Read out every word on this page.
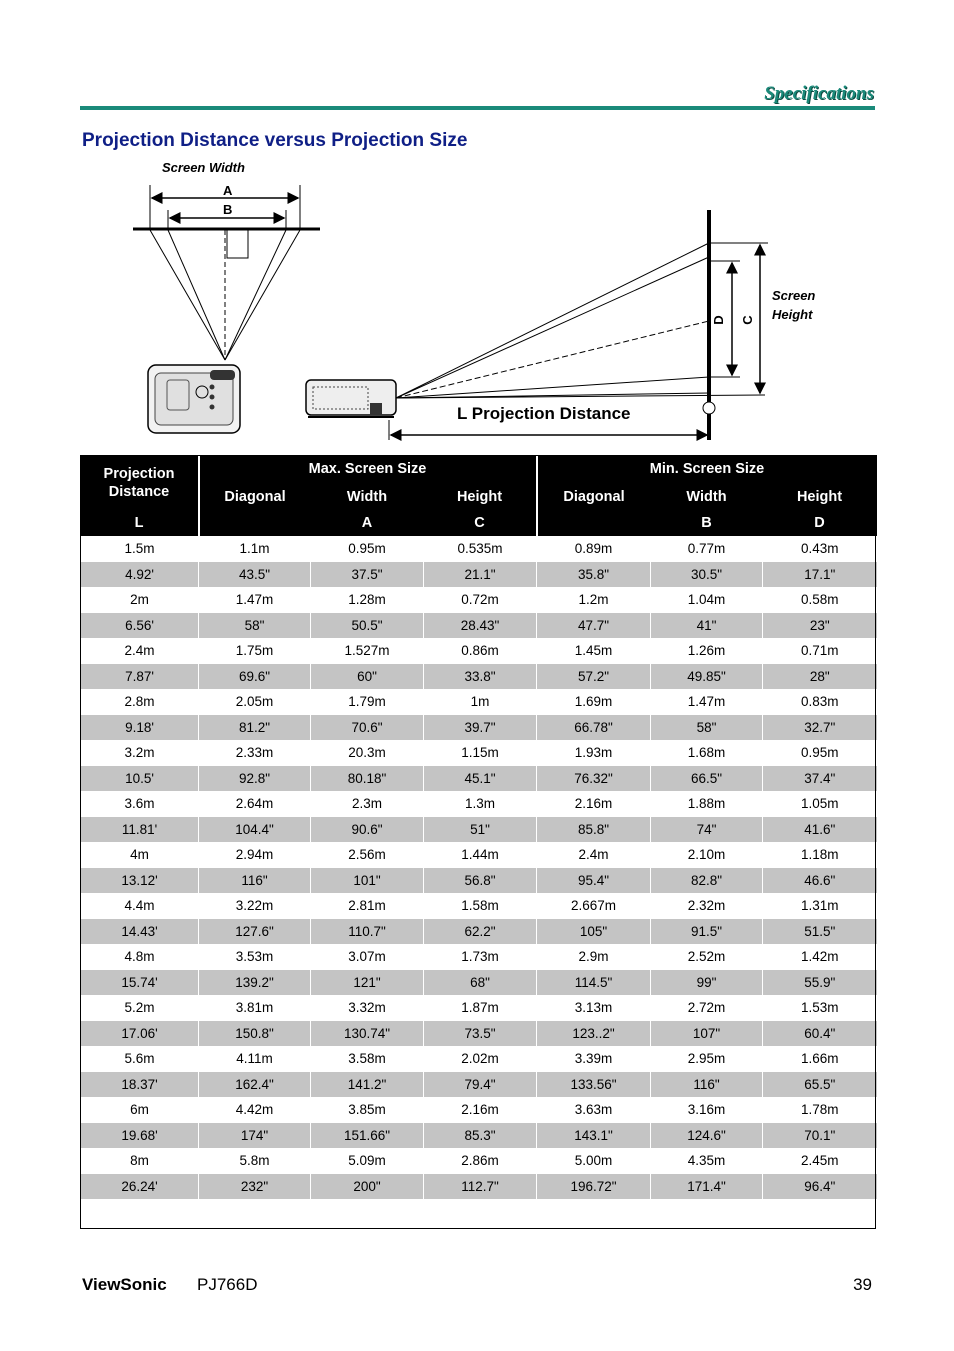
Specifications
Projection Distance versus Projection Size
Screen Width
A
B
D C
Screen
Height
L Projection Distance
Projection
Distance	Max. Screen Size			Min. Screen Size		
	Diagonal	Width	Height	Diagonal	Width	Height
L		A	C		B	D
1.5m	1.1m	0.95m	0.535m	0.89m	0.77m	0.43m
4.92'	43.5"	37.5"	21.1"	35.8"	30.5"	17.1"
2m	1.47m	1.28m	0.72m	1.2m	1.04m	0.58m
6.56'	58"	50.5"	28.43"	47.7"	41"	23"
2.4m	1.75m	1.527m	0.86m	1.45m	1.26m	0.71m
7.87'	69.6"	60"	33.8"	57.2"	49.85"	28"
2.8m	2.05m	1.79m	1m	1.69m	1.47m	0.83m
9.18'	81.2"	70.6"	39.7"	66.78"	58"	32.7"
3.2m	2.33m	20.3m	1.15m	1.93m	1.68m	0.95m
10.5'	92.8"	80.18"	45.1"	76.32"	66.5"	37.4"
3.6m	2.64m	2.3m	1.3m	2.16m	1.88m	1.05m
11.81'	104.4"	90.6"	51"	85.8"	74"	41.6"
4m	2.94m	2.56m	1.44m	2.4m	2.10m	1.18m
13.12'	116"	101"	56.8"	95.4"	82.8"	46.6"
4.4m	3.22m	2.81m	1.58m	2.667m	2.32m	1.31m
14.43'	127.6"	110.7"	62.2"	105"	91.5"	51.5"
4.8m	3.53m	3.07m	1.73m	2.9m	2.52m	1.42m
15.74'	139.2"	121"	68"	114.5"	99"	55.9"
5.2m	3.81m	3.32m	1.87m	3.13m	2.72m	1.53m
17.06'	150.8"	130.74"	73.5"	123..2"	107"	60.4"
5.6m	4.11m	3.58m	2.02m	3.39m	2.95m	1.66m
18.37'	162.4"	141.2"	79.4"	133.56"	116"	65.5"
6m	4.42m	3.85m	2.16m	3.63m	3.16m	1.78m
19.68'	174"	151.66"	85.3"	143.1"	124.6"	70.1"
8m	5.8m	5.09m	2.86m	5.00m	4.35m	2.45m
26.24'	232"	200"	112.7"	196.72"	171.4"	96.4"
ViewSonic PJ766D	39
